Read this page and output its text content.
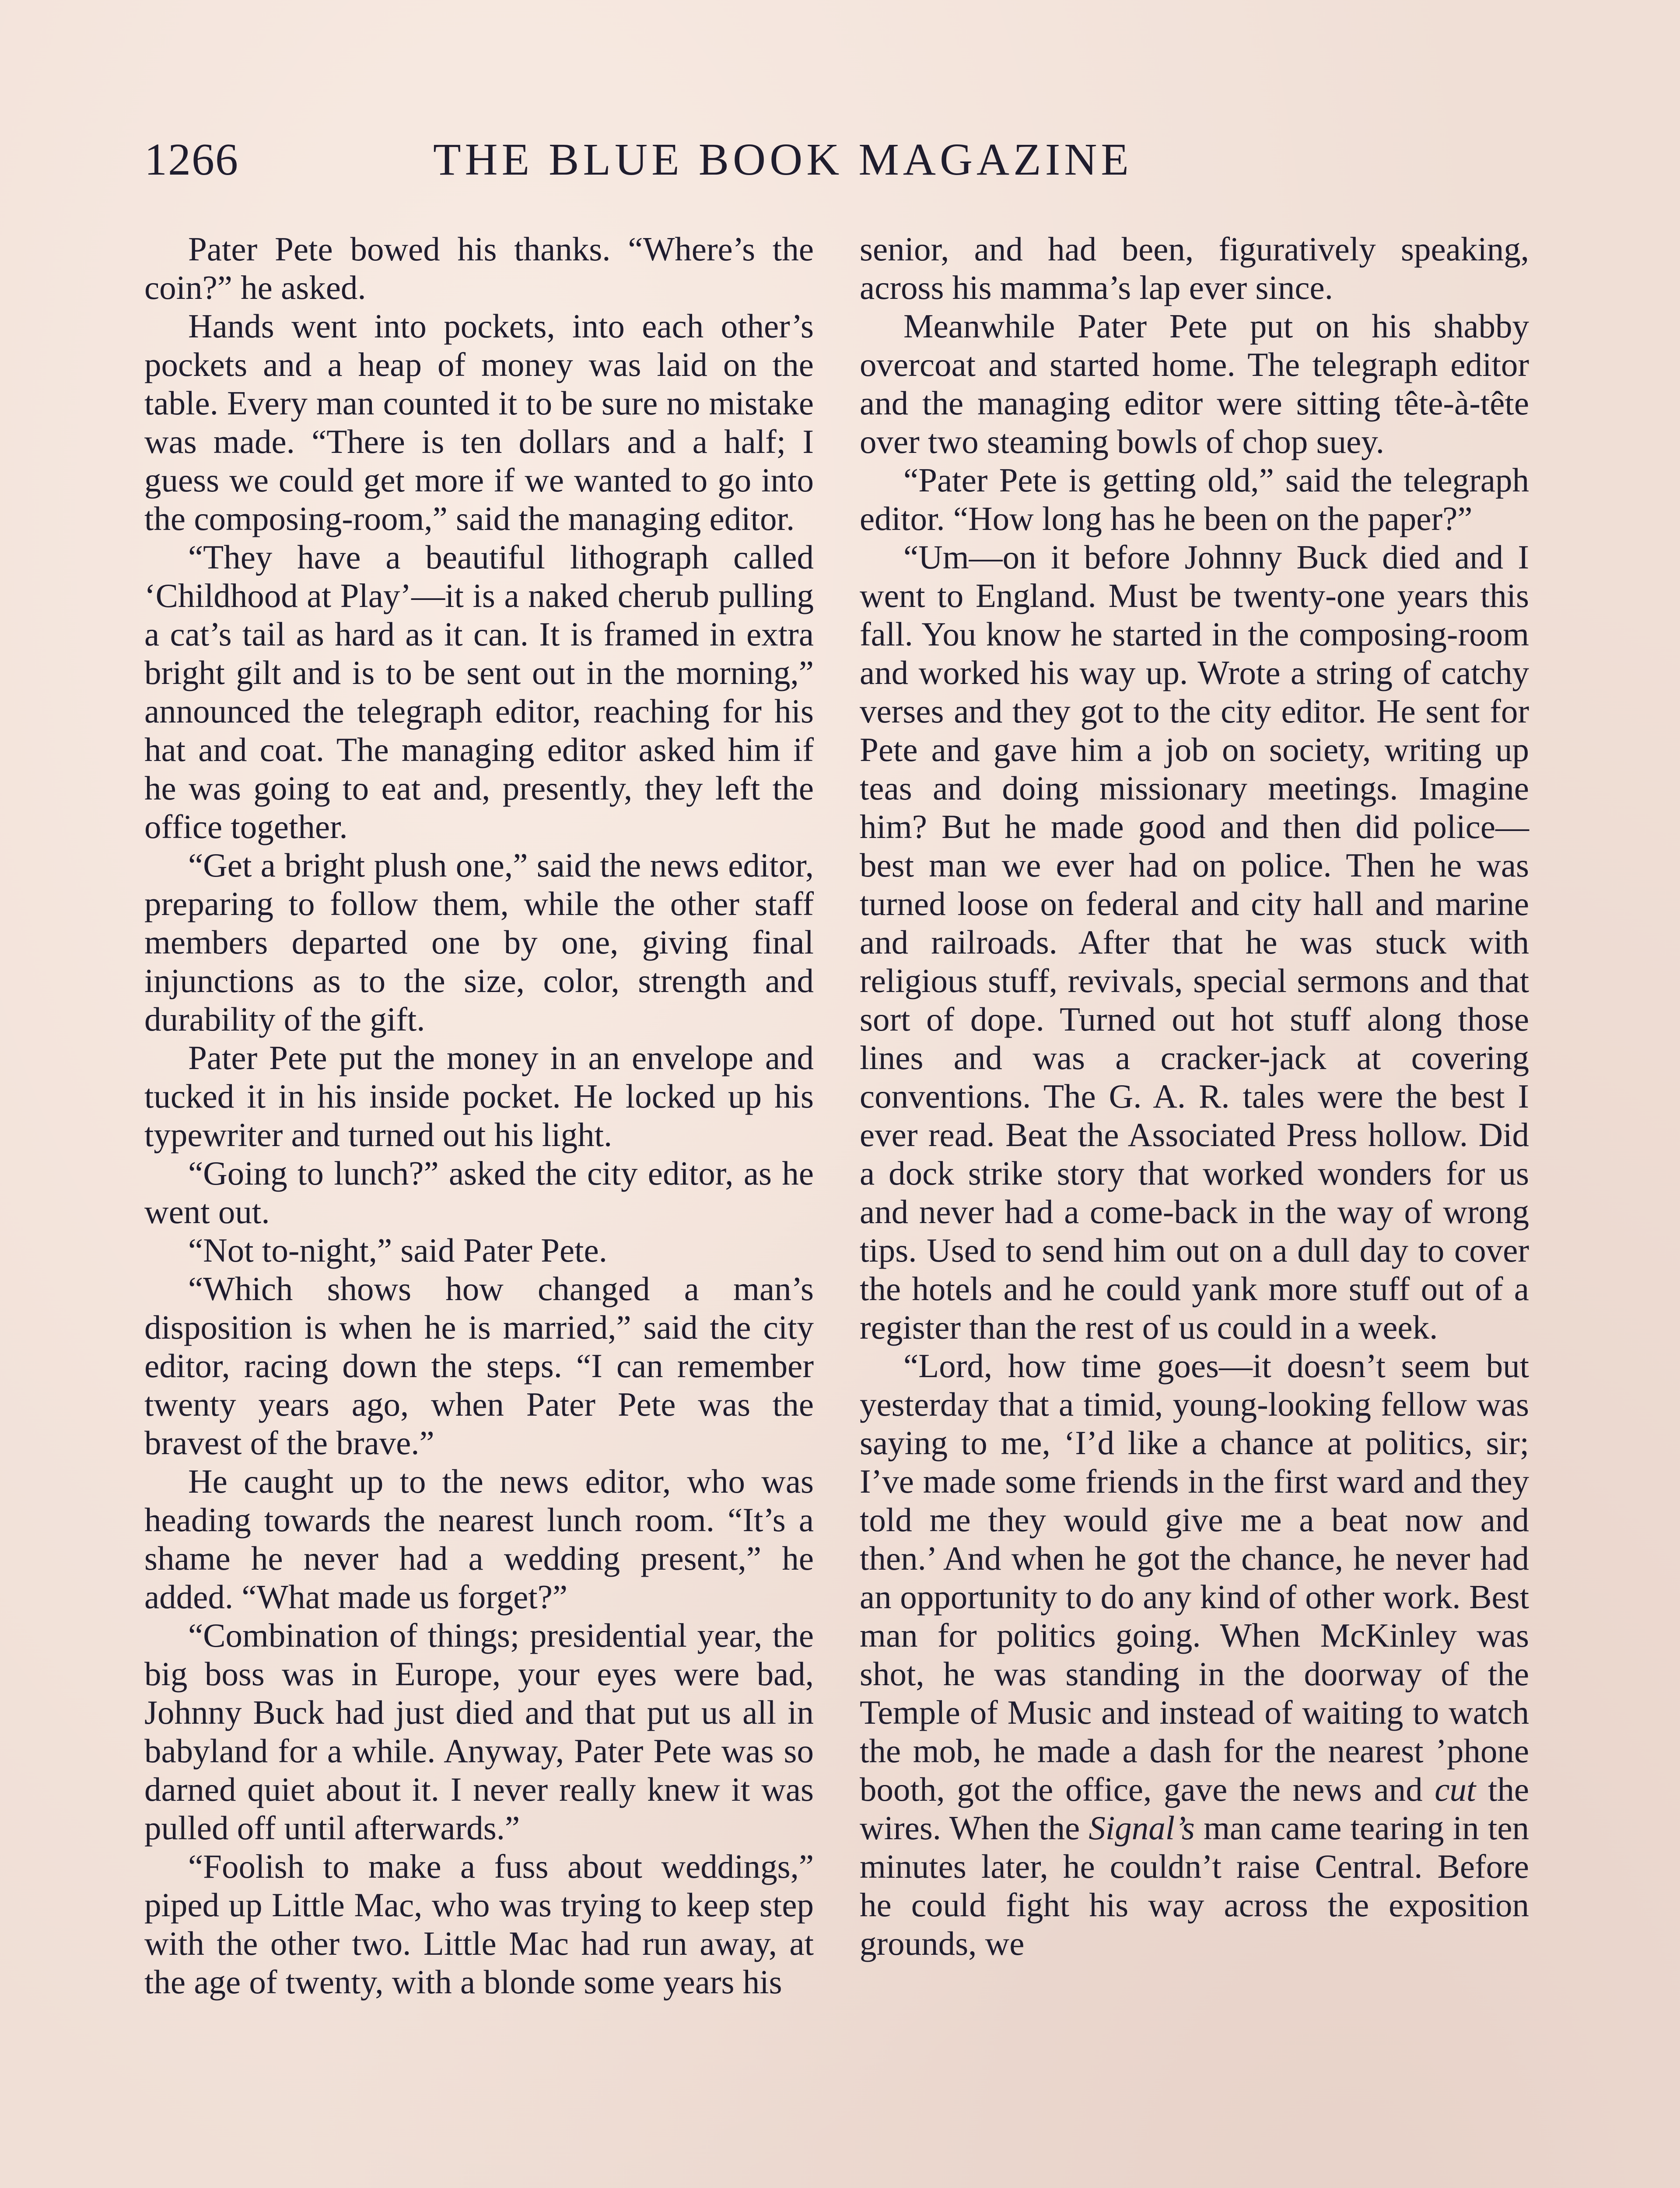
1266	THE BLUE BOOK MAGAZINE

Pater Pete bowed his thanks. “Where’s the coin?” he asked.

Hands went into pockets, into each other’s pockets and a heap of money was laid on the table. Every man counted it to be sure no mistake was made. “There is ten dollars and a half; I guess we could get more if we wanted to go into the composing-room,” said the managing editor.

“They have a beautiful lithograph called ‘Childhood at Play’—it is a naked cherub pulling a cat’s tail as hard as it can. It is framed in extra bright gilt and is to be sent out in the morning,” announced the telegraph editor, reaching for his hat and coat. The managing editor asked him if he was going to eat and, presently, they left the office together.

“Get a bright plush one,” said the news editor, preparing to follow them, while the other staff members departed one by one, giving final injunctions as to the size, color, strength and durability of the gift.

Pater Pete put the money in an envelope and tucked it in his inside pocket. He locked up his typewriter and turned out his light.

“Going to lunch?” asked the city editor, as he went out.

“Not to-night,” said Pater Pete.

“Which shows how changed a man’s disposition is when he is married,” said the city editor, racing down the steps. “I can remember twenty years ago, when Pater Pete was the bravest of the brave.”

He caught up to the news editor, who was heading towards the nearest lunch room. “It’s a shame he never had a wedding present,” he added. “What made us forget?”

“Combination of things; presidential year, the big boss was in Europe, your eyes were bad, Johnny Buck had just died and that put us all in babyland for a while. Anyway, Pater Pete was so darned quiet about it. I never really knew it was pulled off until afterwards.”

“Foolish to make a fuss about weddings,” piped up Little Mac, who was trying to keep step with the other two. Little Mac had run away, at the age of twenty, with a blonde some years his

senior, and had been, figuratively speaking, across his mamma’s lap ever since.

Meanwhile Pater Pete put on his shabby overcoat and started home. The telegraph editor and the managing editor were sitting tête-à-tête over two steaming bowls of chop suey.

“Pater Pete is getting old,” said the telegraph editor. “How long has he been on the paper?”

“Um—on it before Johnny Buck died and I went to England. Must be twenty-one years this fall. You know he started in the composing-room and worked his way up. Wrote a string of catchy verses and they got to the city editor. He sent for Pete and gave him a job on society, writing up teas and doing missionary meetings. Imagine him? But he made good and then did police—best man we ever had on police. Then he was turned loose on federal and city hall and marine and railroads. After that he was stuck with religious stuff, revivals, special sermons and that sort of dope. Turned out hot stuff along those lines and was a cracker-jack at covering conventions. The G. A. R. tales were the best I ever read. Beat the Associated Press hollow. Did a dock strike story that worked wonders for us and never had a come-back in the way of wrong tips. Used to send him out on a dull day to cover the hotels and he could yank more stuff out of a register than the rest of us could in a week.

“Lord, how time goes—it doesn’t seem but yesterday that a timid, young-looking fellow was saying to me, ‘I’d like a chance at politics, sir; I’ve made some friends in the first ward and they told me they would give me a beat now and then.’ And when he got the chance, he never had an opportunity to do any kind of other work. Best man for politics going. When McKinley was shot, he was standing in the doorway of the Temple of Music and instead of waiting to watch the mob, he made a dash for the nearest ’phone booth, got the office, gave the news and cut the wires. When the Signal’s man came tearing in ten minutes later, he couldn’t raise Central. Before he could fight his way across the exposition grounds, we
